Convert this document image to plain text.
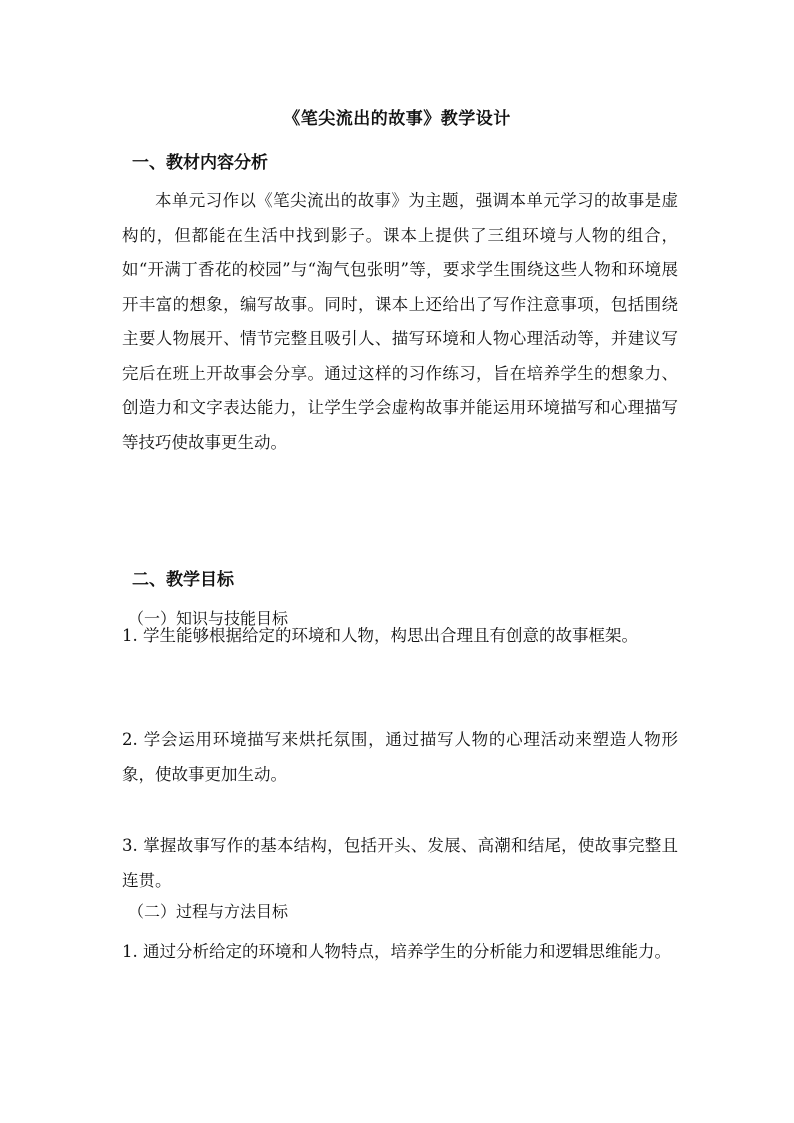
《笔尖流出的故事》教学设计
一、教材内容分析

本单元习作以《笔尖流出的故事》为主题，强调本单元学习的故事是虚构的，但都能在生活中找到影子。课本上提供了三组环境与人物的组合，如“开满丁香花的校园”与“淘气包张明”等，要求学生围绕这些人物和环境展开丰富的想象，编写故事。同时，课本上还给出了写作注意事项，包括围绕主要人物展开、情节完整且吸引人、描写环境和人物心理活动等，并建议写完后在班上开故事会分享。通过这样的习作练习，旨在培养学生的想象力、创造力和文字表达能力，让学生学会虚构故事并能运用环境描写和心理描写等技巧使故事更生动。

二、教学目标
（一）知识与技能目标

1. 学生能够根据给定的环境和人物，构思出合理且有创意的故事框架。

2. 学会运用环境描写来烘托氛围，通过描写人物的心理活动来塑造人物形象，使故事更加生动。

3. 掌握故事写作的基本结构，包括开头、发展、高潮和结尾，使故事完整且连贯。

（二）过程与方法目标

1. 通过分析给定的环境和人物特点，培养学生的分析能力和逻辑思维能力。
